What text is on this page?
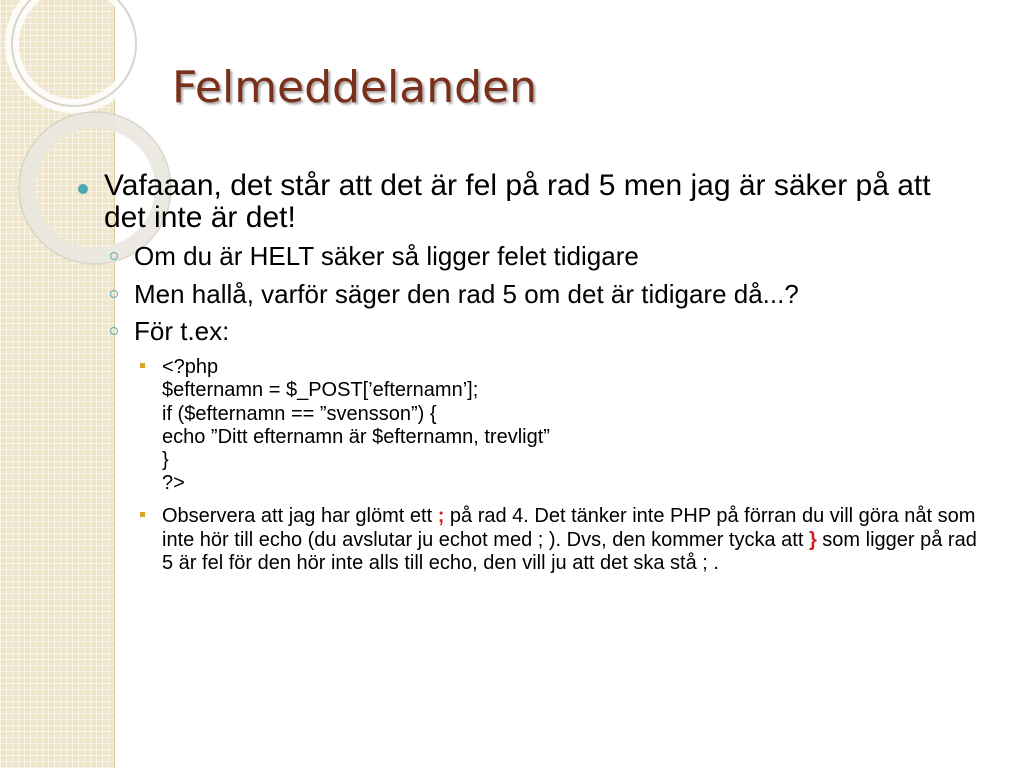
Felmeddelanden
Vafaaan, det står att det är fel på rad 5 men jag är säker på att det inte är det!
Om du är HELT säker så ligger felet tidigare
Men hallå, varför säger den rad 5 om det är tidigare då...?
För t.ex:
<?php
$efternamn = $_POST[’efternamn’];
if ($efternamn == ”svensson”) {
echo ”Ditt efternamn är $efternamn, trevligt”
}
?>
Observera att jag har glömt ett ; på rad 4. Det tänker inte PHP på förran du vill göra nåt som inte hör till echo (du avslutar ju echot med ; ). Dvs, den kommer tycka att } som ligger på rad 5 är fel för den hör inte alls till echo, den vill ju att det ska stå ; .
